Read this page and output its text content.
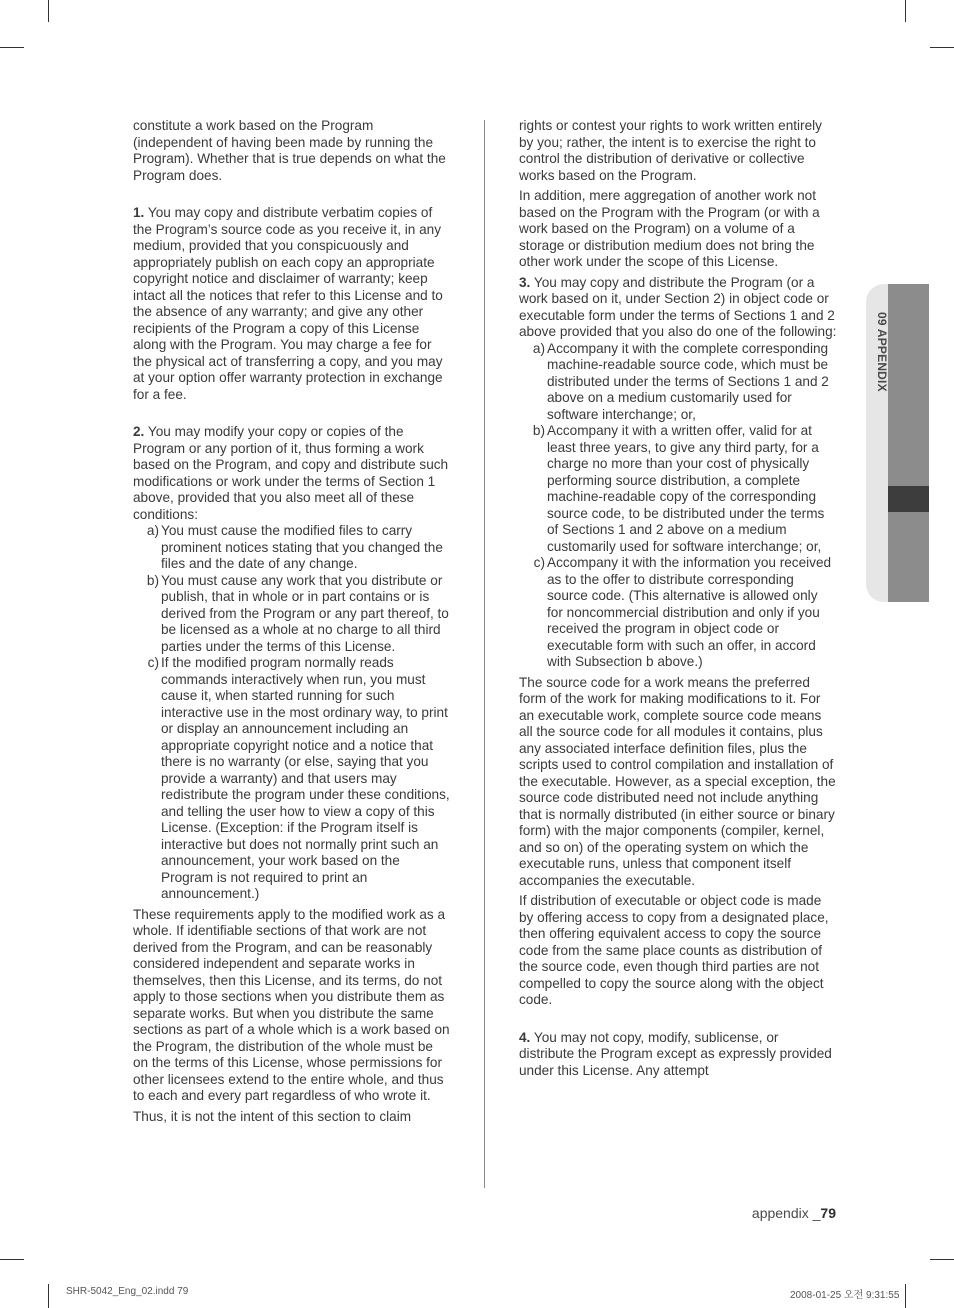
09 APPENDIX

constitute a work based on the Program (independent of having been made by running the Program). Whether that is true depends on what the Program does.

1. You may copy and distribute verbatim copies of the Program’s source code as you receive it, in any medium, provided that you conspicuously and appropriately publish on each copy an appropriate copyright notice and disclaimer of warranty; keep intact all the notices that refer to this License and to the absence of any warranty; and give any other recipients of the Program a copy of this License along with the Program. You may charge a fee for the physical act of transferring a copy, and you may at your option offer warranty protection in exchange for a fee.

2. You may modify your copy or copies of the Program or any portion of it, thus forming a work based on the Program, and copy and distribute such modifications or work under the terms of Section 1 above, provided that you also meet all of these conditions:

a) You must cause the modified files to carry prominent notices stating that you changed the files and the date of any change.
b) You must cause any work that you distribute or publish, that in whole or in part contains or is derived from the Program or any part thereof, to be licensed as a whole at no charge to all third parties under the terms of this License.
c) If the modified program normally reads commands interactively when run, you must cause it, when started running for such interactive use in the most ordinary way, to print or display an announcement including an appropriate copyright notice and a notice that there is no warranty (or else, saying that you provide a warranty) and that users may redistribute the program under these conditions, and telling the user how to view a copy of this License. (Exception: if the Program itself is interactive but does not normally print such an announcement, your work based on the Program is not required to print an announcement.)

These requirements apply to the modified work as a whole. If identifiable sections of that work are not derived from the Program, and can be reasonably considered independent and separate works in themselves, then this License, and its terms, do not apply to those sections when you distribute them as separate works. But when you distribute the same sections as part of a whole which is a work based on the Program, the distribution of the whole must be on the terms of this License, whose permissions for other licensees extend to the entire whole, and thus to each and every part regardless of who wrote it.

Thus, it is not the intent of this section to claim

rights or contest your rights to work written entirely by you; rather, the intent is to exercise the right to control the distribution of derivative or collective works based on the Program.

In addition, mere aggregation of another work not based on the Program with the Program (or with a work based on the Program) on a volume of a storage or distribution medium does not bring the other work under the scope of this License.

3. You may copy and distribute the Program (or a work based on it, under Section 2) in object code or executable form under the terms of Sections 1 and 2 above provided that you also do one of the following:

a) Accompany it with the complete corresponding machine-readable source code, which must be distributed under the terms of Sections 1 and 2 above on a medium customarily used for software interchange; or,
b) Accompany it with a written offer, valid for at least three years, to give any third party, for a charge no more than your cost of physically performing source distribution, a complete machine-readable copy of the corresponding source code, to be distributed under the terms of Sections 1 and 2 above on a medium customarily used for software interchange; or,
c) Accompany it with the information you received as to the offer to distribute corresponding source code. (This alternative is allowed only for noncommercial distribution and only if you received the program in object code or executable form with such an offer, in accord with Subsection b above.)

The source code for a work means the preferred form of the work for making modifications to it. For an executable work, complete source code means all the source code for all modules it contains, plus any associated interface definition files, plus the scripts used to control compilation and installation of the executable. However, as a special exception, the source code distributed need not include anything that is normally distributed (in either source or binary form) with the major components (compiler, kernel, and so on) of the operating system on which the executable runs, unless that component itself accompanies the executable.

If distribution of executable or object code is made by offering access to copy from a designated place, then offering equivalent access to copy the source code from the same place counts as distribution of the source code, even though third parties are not compelled to copy the source along with the object code.

4. You may not copy, modify, sublicense, or distribute the Program except as expressly provided under this License. Any attempt

appendix _79
SHR-5042_Eng_02.indd 79	2008-01-25 오전 9:31:55
